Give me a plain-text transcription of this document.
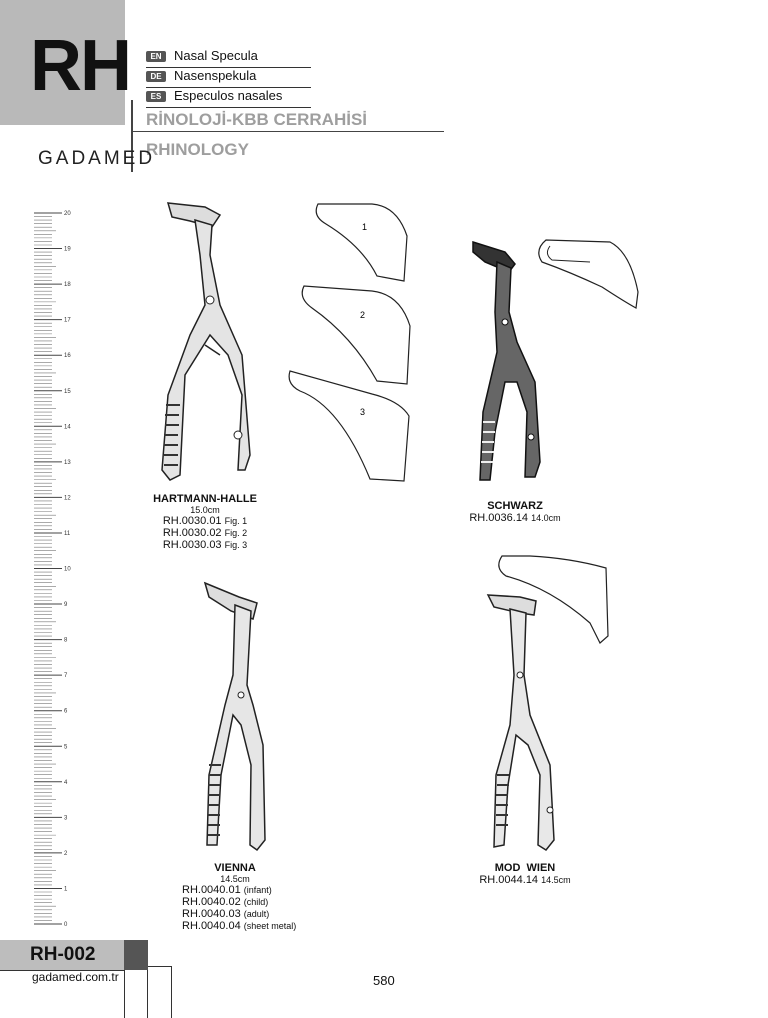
RH	EN Nasal Specula
DE Nasenspekula
ES Especulos nasales
RİNOLOJİ-KBB CERRAHİSİ
RHINOLOGY
GADAMED
20
19
18
17
16
15
14
13
12
11
10
9
8
7
6
5
4
3
2
1
0
1
2
3
HARTMANN-HALLE
15.0cm
RH.0030.01 Fig. 1
RH.0030.02 Fig. 2
RH.0030.03 Fig. 3
SCHWARZ
RH.0036.14 14.0cm
VIENNA
14.5cm
RH.0040.01 (infant)
RH.0040.02 (child)
RH.0040.03 (adult)
RH.0040.04 (sheet metal)
MOD  WIEN
RH.0044.14 14.5cm
RH-002
gadamed.com.tr	580
